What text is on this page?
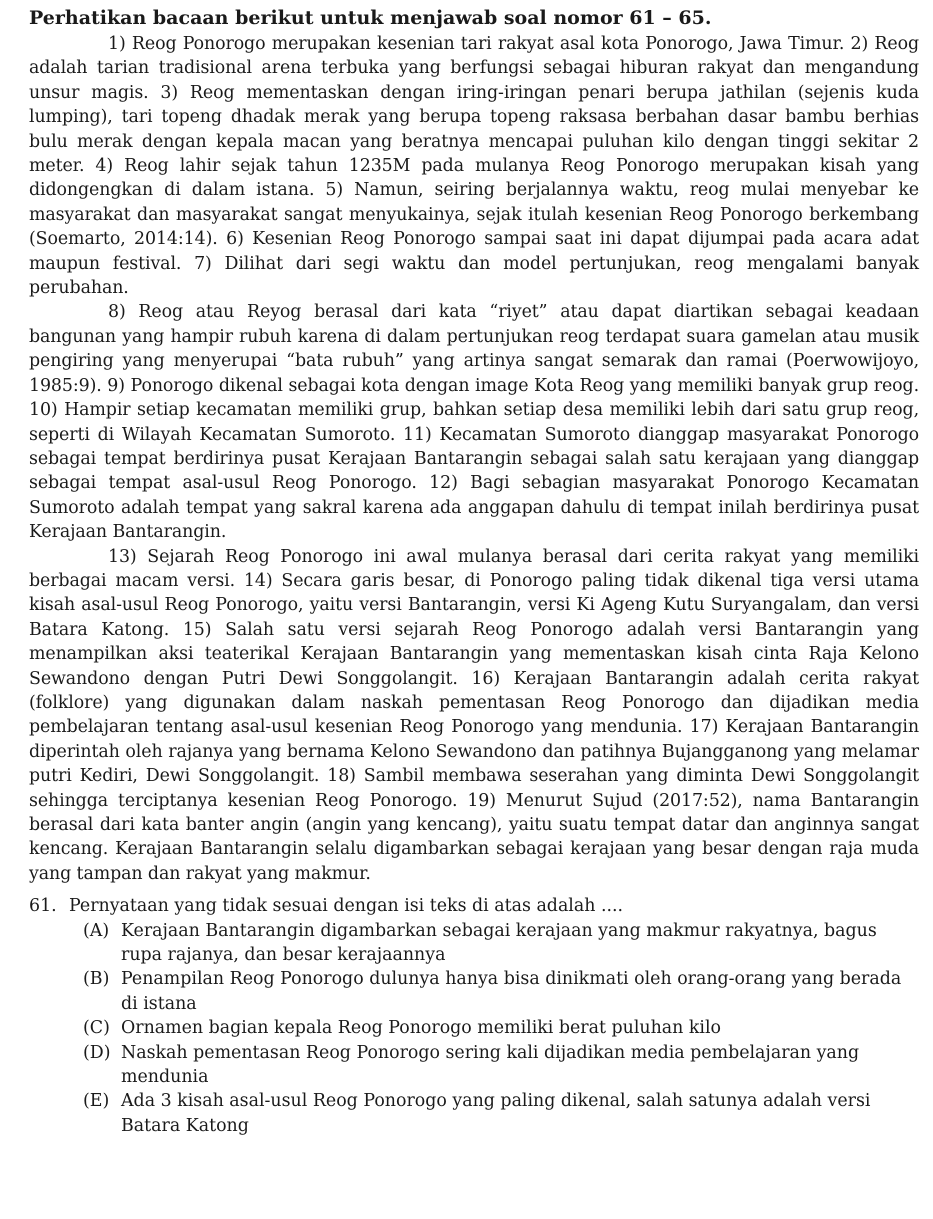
Perhatikan bacaan berikut untuk menjawab soal nomor 61 – 65.

1) Reog Ponorogo merupakan kesenian tari rakyat asal kota Ponorogo, Jawa Timur. 2) Reog adalah tarian tradisional arena terbuka yang berfungsi sebagai hiburan rakyat dan mengandung unsur magis. 3) Reog mementaskan dengan iring-iringan penari berupa jathilan (sejenis kuda lumping), tari topeng dhadak merak yang berupa topeng raksasa berbahan dasar bambu berhias bulu merak dengan kepala macan yang beratnya mencapai puluhan kilo dengan tinggi sekitar 2 meter. 4) Reog lahir sejak tahun 1235M pada mulanya Reog Ponorogo merupakan kisah yang didongengkan di dalam istana. 5) Namun, seiring berjalannya waktu, reog mulai menyebar ke masyarakat dan masyarakat sangat menyukainya, sejak itulah kesenian Reog Ponorogo berkembang (Soemarto, 2014:14). 6) Kesenian Reog Ponorogo sampai saat ini dapat dijumpai pada acara adat maupun festival. 7) Dilihat dari segi waktu dan model pertunjukan, reog mengalami banyak perubahan.

8) Reog atau Reyog berasal dari kata “riyet” atau dapat diartikan sebagai keadaan bangunan yang hampir rubuh karena di dalam pertunjukan reog terdapat suara gamelan atau musik pengiring yang menyerupai “bata rubuh” yang artinya sangat semarak dan ramai (Poerwowijoyo, 1985:9). 9) Ponorogo dikenal sebagai kota dengan image Kota Reog yang memiliki banyak grup reog. 10) Hampir setiap kecamatan memiliki grup, bahkan setiap desa memiliki lebih dari satu grup reog, seperti di Wilayah Kecamatan Sumoroto. 11) Kecamatan Sumoroto dianggap masyarakat Ponorogo sebagai tempat berdirinya pusat Kerajaan Bantarangin sebagai salah satu kerajaan yang dianggap sebagai tempat asal-usul Reog Ponorogo. 12) Bagi sebagian masyarakat Ponorogo Kecamatan Sumoroto adalah tempat yang sakral karena ada anggapan dahulu di tempat inilah berdirinya pusat Kerajaan Bantarangin.

13) Sejarah Reog Ponorogo ini awal mulanya berasal dari cerita rakyat yang memiliki berbagai macam versi. 14) Secara garis besar, di Ponorogo paling tidak dikenal tiga versi utama kisah asal-usul Reog Ponorogo, yaitu versi Bantarangin, versi Ki Ageng Kutu Suryangalam, dan versi Batara Katong. 15) Salah satu versi sejarah Reog Ponorogo adalah versi Bantarangin yang menampilkan aksi teaterikal Kerajaan Bantarangin yang mementaskan kisah cinta Raja Kelono Sewandono dengan Putri Dewi Songgolangit. 16) Kerajaan Bantarangin adalah cerita rakyat (folklore) yang digunakan dalam naskah pementasan Reog Ponorogo dan dijadikan media pembelajaran tentang asal-usul kesenian Reog Ponorogo yang mendunia. 17) Kerajaan Bantarangin diperintah oleh rajanya yang bernama Kelono Sewandono dan patihnya Bujangganong yang melamar putri Kediri, Dewi Songgolangit. 18) Sambil membawa seserahan yang diminta Dewi Songgolangit sehingga terciptanya kesenian Reog Ponorogo. 19) Menurut Sujud (2017:52), nama Bantarangin berasal dari kata banter angin (angin yang kencang), yaitu suatu tempat datar dan anginnya sangat kencang. Kerajaan Bantarangin selalu digambarkan sebagai kerajaan yang besar dengan raja muda yang tampan dan rakyat yang makmur.

61. Pernyataan yang tidak sesuai dengan isi teks di atas adalah ....
(A) Kerajaan Bantarangin digambarkan sebagai kerajaan yang makmur rakyatnya, bagus rupa rajanya, dan besar kerajaannya
(B) Penampilan Reog Ponorogo dulunya hanya bisa dinikmati oleh orang-orang yang berada di istana
(C) Ornamen bagian kepala Reog Ponorogo memiliki berat puluhan kilo
(D) Naskah pementasan Reog Ponorogo sering kali dijadikan media pembelajaran yang mendunia
(E) Ada 3 kisah asal-usul Reog Ponorogo yang paling dikenal, salah satunya adalah versi Batara Katong
